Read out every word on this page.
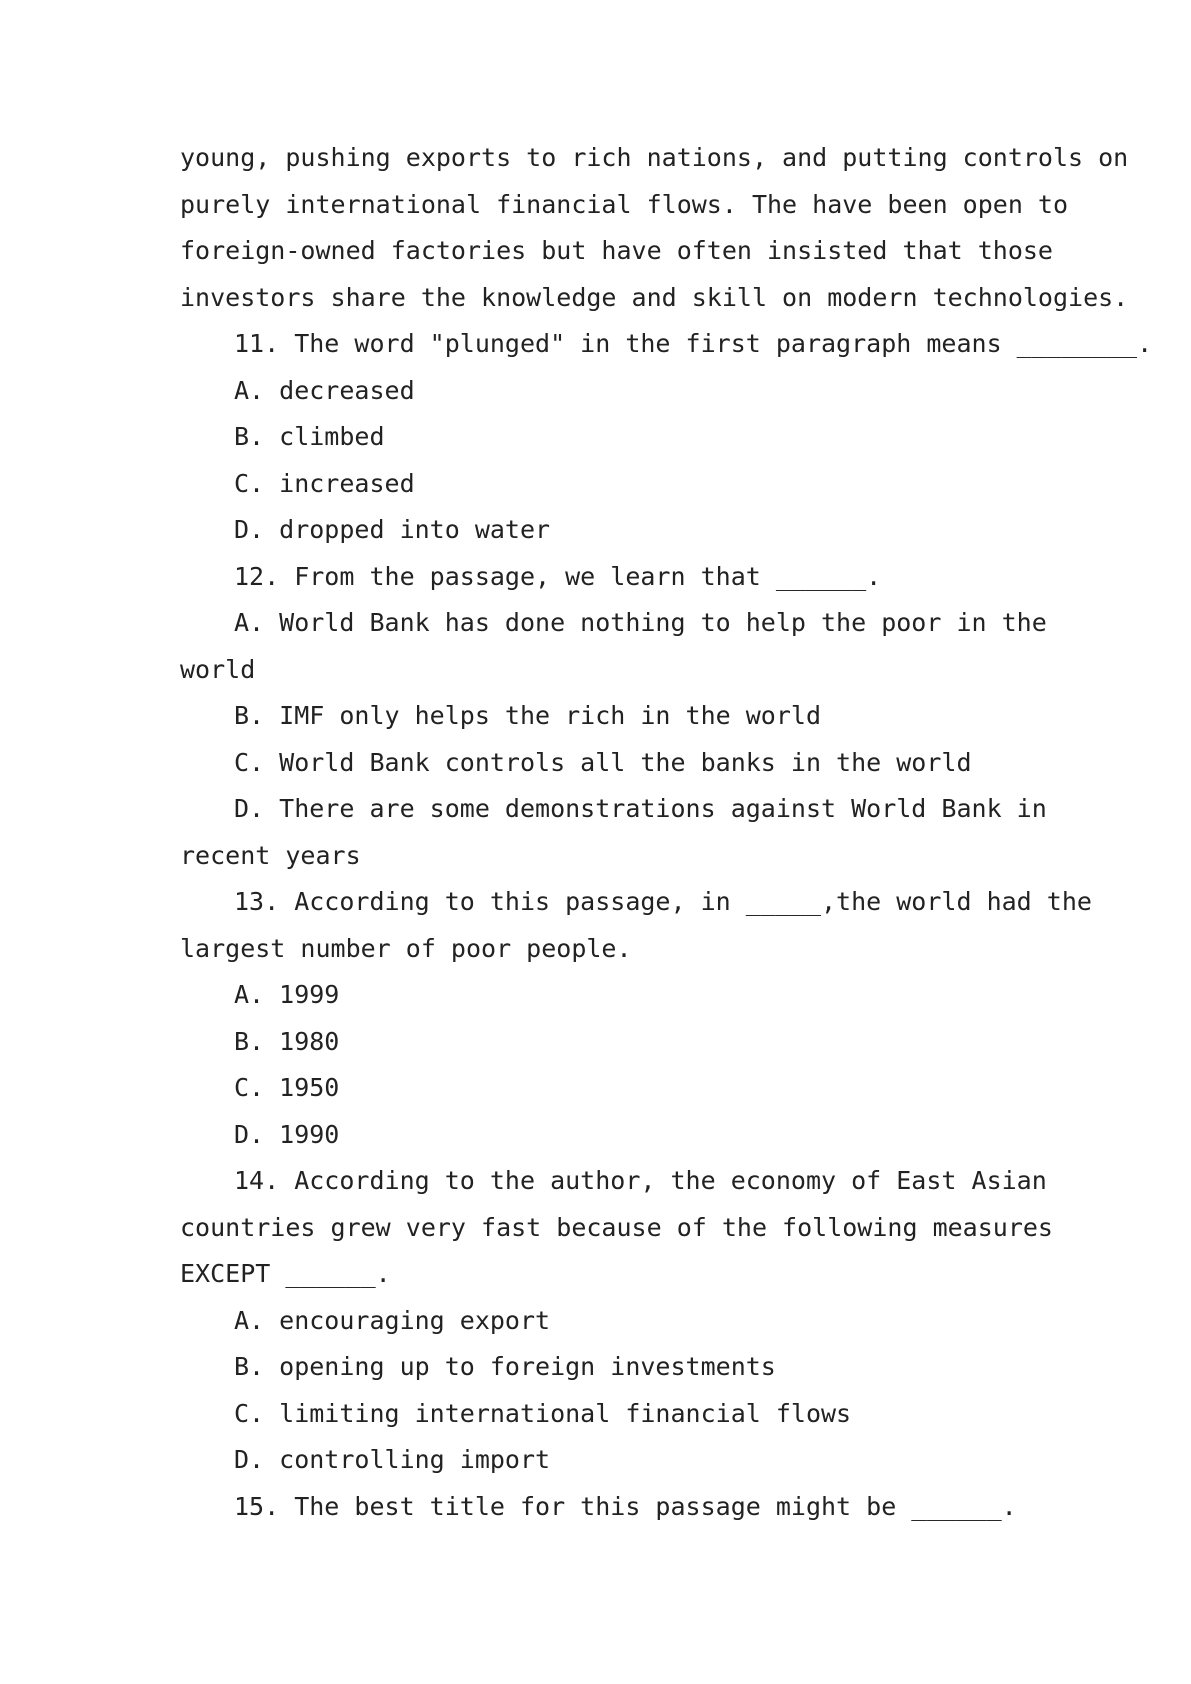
young, pushing exports to rich nations, and putting controls on
purely international financial flows. The have been open to
foreign-owned factories but have often insisted that those
investors share the knowledge and skill on modern technologies.
11. The word "plunged" in the first paragraph means ________.
A. decreased
B. climbed
C. increased
D. dropped into water
12. From the passage, we learn that ______.
A. World Bank has done nothing to help the poor in the
world
B. IMF only helps the rich in the world
C. World Bank controls all the banks in the world
D. There are some demonstrations against World Bank in
recent years
13. According to this passage, in _____,the world had the
largest number of poor people.
A. 1999
B. 1980
C. 1950
D. 1990
14. According to the author, the economy of East Asian
countries grew very fast because of the following measures
EXCEPT ______.
A. encouraging export
B. opening up to foreign investments
C. limiting international financial flows
D. controlling import
15. The best title for this passage might be ______.
